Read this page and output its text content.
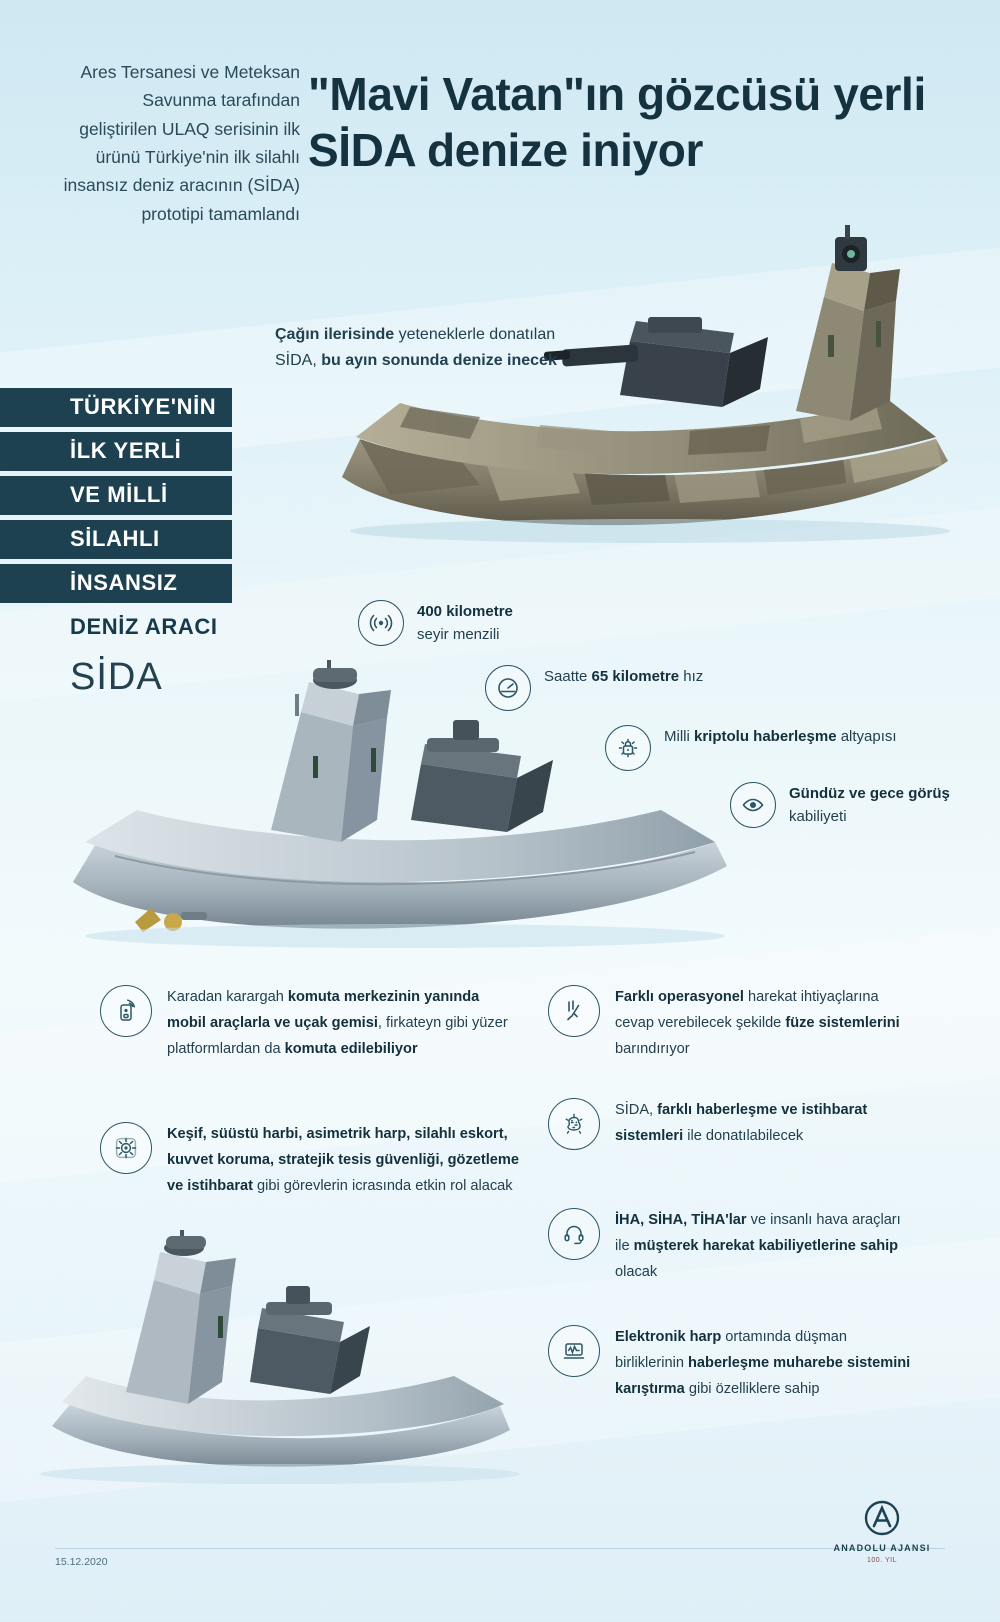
Ares Tersanesi ve Meteksan Savunma tarafından geliştirilen ULAQ serisinin ilk ürünü Türkiye'nin ilk silahlı insansız deniz aracının (SİDA) prototipi tamamlandı
"Mavi Vatan"ın gözcüsü yerli SİDA denize iniyor
Çağın ilerisinde yeteneklerle donatılan SİDA, bu ayın sonunda denize inecek
TÜRKİYE'NİN İLK YERLİ VE MİLLİ SİLAHLI İNSANSIZ DENİZ ARACI
SİDA
400 kilometre
seyir menzili
Saatte 65 kilometre hız
Milli kriptolu haberleşme altyapısı
Gündüz ve gece görüş kabiliyeti
Karadan karargah komuta merkezinin yanında mobil araçlarla ve uçak gemisi, firkateyn gibi yüzer platformlardan da komuta edilebiliyor
Keşif, süüstü harbi, asimetrik harp, silahlı eskort, kuvvet koruma, stratejik tesis güvenliği, gözetleme ve istihbarat gibi görevlerin icrasında etkin rol alacak
Farklı operasyonel harekat ihtiyaçlarına cevap verebilecek şekilde füze sistemlerini barındırıyor
SİDA, farklı haberleşme ve istihbarat sistemleri ile donatılabilecek
İHA, SİHA, TİHA'lar ve insanlı hava araçları ile müşterek harekat kabiliyetlerine sahip olacak
Elektronik harp ortamında düşman birliklerinin haberleşme muharebe sistemini karıştırma gibi özelliklere sahip
15.12.2020
ANADOLU AJANSI
100. YIL
